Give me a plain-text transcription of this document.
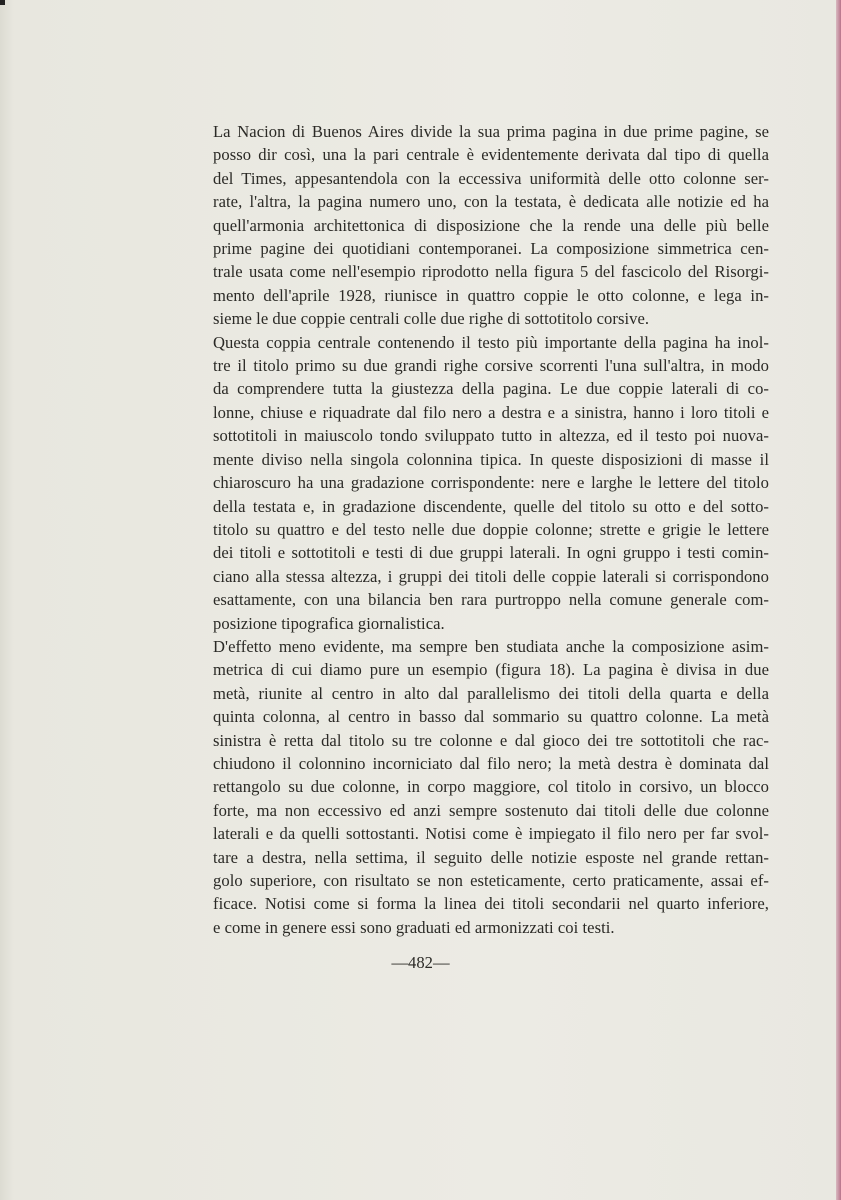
La Nacion di Buenos Aires divide la sua prima pagina in due prime pagine, se
posso dir così, una la pari centrale è evidentemente derivata dal tipo di quella
del Times, appesantendola con la eccessiva uniformità delle otto colonne ser-
rate, l'altra, la pagina numero uno, con la testata, è dedicata alle notizie ed ha
quell'armonia architettonica di disposizione che la rende una delle più belle
prime pagine dei quotidiani contemporanei. La composizione simmetrica cen-
trale usata come nell'esempio riprodotto nella figura 5 del fascicolo del Risorgi-
mento dell'aprile 1928, riunisce in quattro coppie le otto colonne, e lega in-
sieme le due coppie centrali colle due righe di sottotitolo corsive.

Questa coppia centrale contenendo il testo più importante della pagina ha inol-
tre il titolo primo su due grandi righe corsive scorrenti l'una sull'altra, in modo
da comprendere tutta la giustezza della pagina. Le due coppie laterali di co-
lonne, chiuse e riquadrate dal filo nero a destra e a sinistra, hanno i loro titoli e
sottotitoli in maiuscolo tondo sviluppato tutto in altezza, ed il testo poi nuova-
mente diviso nella singola colonnina tipica. In queste disposizioni di masse il
chiaroscuro ha una gradazione corrispondente: nere e larghe le lettere del titolo
della testata e, in gradazione discendente, quelle del titolo su otto e del sotto-
titolo su quattro e del testo nelle due doppie colonne; strette e grigie le lettere
dei titoli e sottotitoli e testi di due gruppi laterali. In ogni gruppo i testi comin-
ciano alla stessa altezza, i gruppi dei titoli delle coppie laterali si corrispondono
esattamente, con una bilancia ben rara purtroppo nella comune generale com-
posizione tipografica giornalistica.

D'effetto meno evidente, ma sempre ben studiata anche la composizione asim-
metrica di cui diamo pure un esempio (figura 18). La pagina è divisa in due
metà, riunite al centro in alto dal parallelismo dei titoli della quarta e della
quinta colonna, al centro in basso dal sommario su quattro colonne. La metà
sinistra è retta dal titolo su tre colonne e dal gioco dei tre sottotitoli che rac-
chiudono il colonnino incorniciato dal filo nero; la metà destra è dominata dal
rettangolo su due colonne, in corpo maggiore, col titolo in corsivo, un blocco
forte, ma non eccessivo ed anzi sempre sostenuto dai titoli delle due colonne
laterali e da quelli sottostanti. Notisi come è impiegato il filo nero per far svol-
tare a destra, nella settima, il seguito delle notizie esposte nel grande rettan-
golo superiore, con risultato se non esteticamente, certo praticamente, assai ef-
ficace. Notisi come si forma la linea dei titoli secondarii nel quarto inferiore,
e come in genere essi sono graduati ed armonizzati coi testi.

—482—
